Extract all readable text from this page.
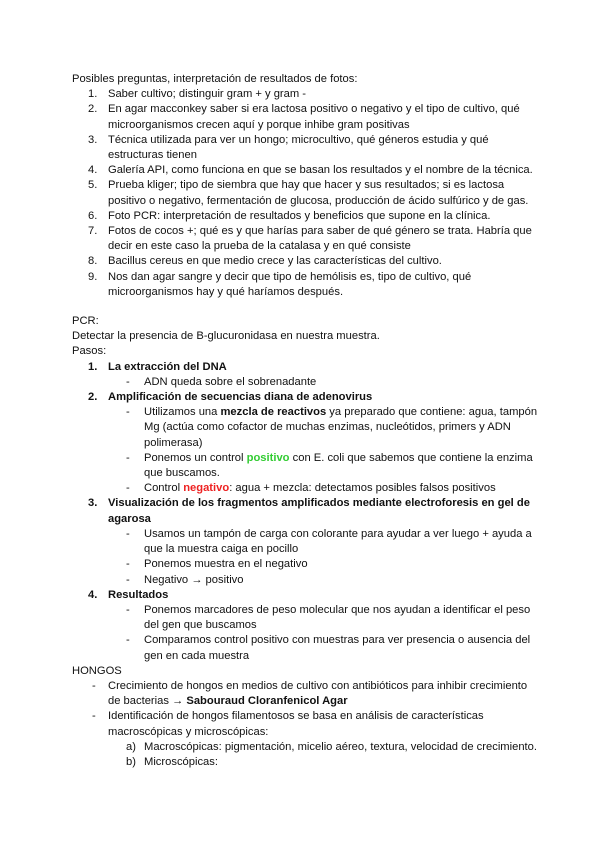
Posibles preguntas, interpretación de resultados de fotos:

1. Saber cultivo; distinguir gram + y gram -
2. En agar macconkey saber si era lactosa positivo o negativo y el tipo de cultivo, qué microorganismos crecen aquí y porque inhibe gram positivas
3. Técnica utilizada para ver un hongo; microcultivo, qué géneros estudia y qué estructuras tienen
4. Galería API, como funciona en que se basan los resultados y el nombre de la técnica.
5. Prueba kliger; tipo de siembra que hay que hacer y sus resultados; si es lactosa positivo o negativo, fermentación de glucosa, producción de ácido sulfúrico y de gas.
6. Foto PCR: interpretación de resultados y beneficios que supone en la clínica.
7. Fotos de cocos +; qué es y que harías para saber de qué género se trata. Habría que decir en este caso la prueba de la catalasa y en qué consiste
8. Bacillus cereus en que medio crece y las características del cultivo.
9. Nos dan agar sangre y decir que tipo de hemólisis es, tipo de cultivo, qué microorganismos hay y qué haríamos después.

PCR:

Detectar la presencia de B-glucuronidasa en nuestra muestra.

Pasos:

1. La extracción del DNA
- ADN queda sobre el sobrenadante
2. Amplificación de secuencias diana de adenovirus
- Utilizamos una mezcla de reactivos ya preparado que contiene: agua, tampón Mg (actúa como cofactor de muchas enzimas, nucleótidos, primers y ADN polimerasa)
- Ponemos un control positivo con E. coli que sabemos que contiene la enzima que buscamos.
- Control negativo: agua + mezcla: detectamos posibles falsos positivos
3. Visualización de los fragmentos amplificados mediante electroforesis en gel de agarosa
- Usamos un tampón de carga con colorante para ayudar a ver luego + ayuda a que la muestra caiga en pocillo
- Ponemos muestra en el negativo
- Negativo → positivo
4. Resultados
- Ponemos marcadores de peso molecular que nos ayudan a identificar el peso del gen que buscamos
- Comparamos control positivo con muestras para ver presencia o ausencia del gen en cada muestra

HONGOS

- Crecimiento de hongos en medios de cultivo con antibióticos para inhibir crecimiento de bacterias → Sabouraud Cloranfenicol Agar
- Identificación de hongos filamentosos se basa en análisis de características macroscópicas y microscópicas:
a) Macroscópicas: pigmentación, micelio aéreo, textura, velocidad de crecimiento.
b) Microscópicas:
